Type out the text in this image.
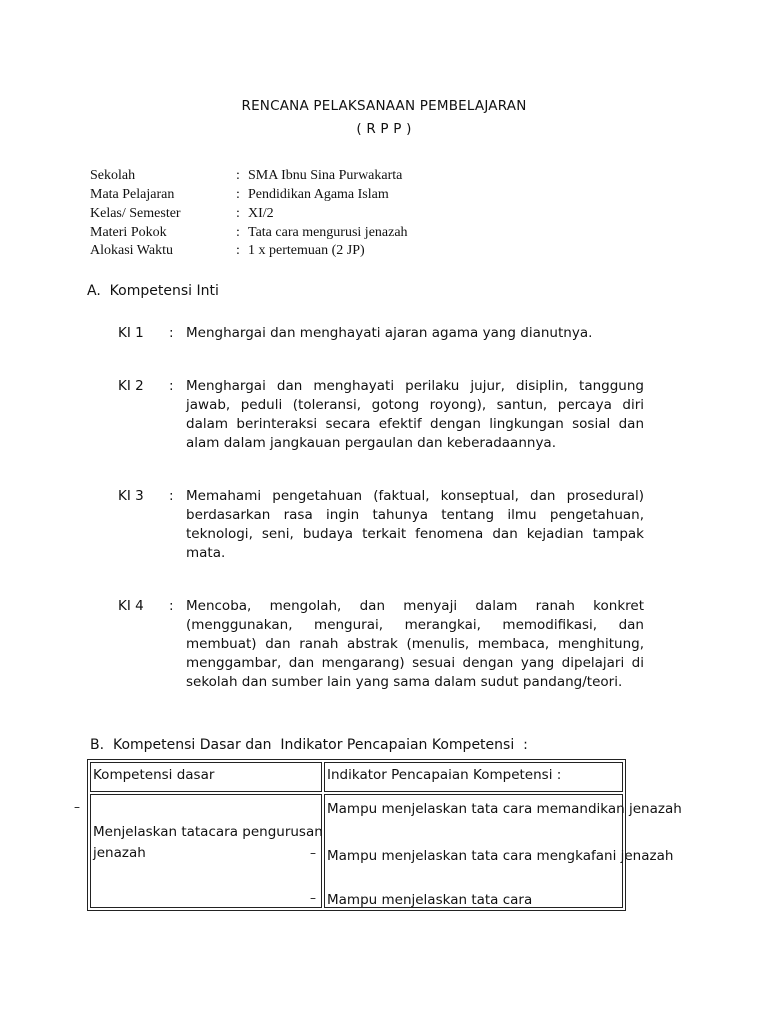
RENCANA PELAKSANAAN PEMBELAJARAN
( R P P )
Sekolah	: SMA Ibnu Sina Purwakarta
Mata Pelajaran	: Pendidikan Agama Islam
Kelas/ Semester	: XI/2
Materi Pokok	: Tata cara mengurusi jenazah
Alokasi Waktu	: 1 x pertemuan (2 JP)
A.  Kompetensi Inti
KI 1 : Menghargai dan menghayati ajaran agama yang dianutnya.
KI 2 : Menghargai dan menghayati perilaku jujur, disiplin, tanggung jawab, peduli (toleransi, gotong royong), santun, percaya diri dalam berinteraksi secara efektif dengan lingkungan sosial dan alam dalam jangkauan pergaulan dan keberadaannya.
KI 3 : Memahami pengetahuan (faktual, konseptual, dan prosedural) berdasarkan rasa ingin tahunya tentang ilmu pengetahuan, teknologi, seni, budaya terkait fenomena dan kejadian tampak mata.
KI 4 : Mencoba, mengolah, dan menyaji dalam ranah konkret (menggunakan, mengurai, merangkai, memodifikasi, dan membuat) dan ranah abstrak (menulis, membaca, menghitung, menggambar, dan mengarang) sesuai dengan yang dipelajari di sekolah dan sumber lain yang sama dalam sudut pandang/teori.
B.  Kompetensi Dasar dan  Indikator Pencapaian Kompetensi  :
–
Kompetensi dasar	Indikator Pencapaian Kompetensi :

Menjelaskan tatacara pengurusan jenazah	Mampu menjelaskan tata cara memandikan jenazah
Mampu menjelaskan tata cara mengkafani jenazah
Mampu menjelaskan tata cara
–
–
